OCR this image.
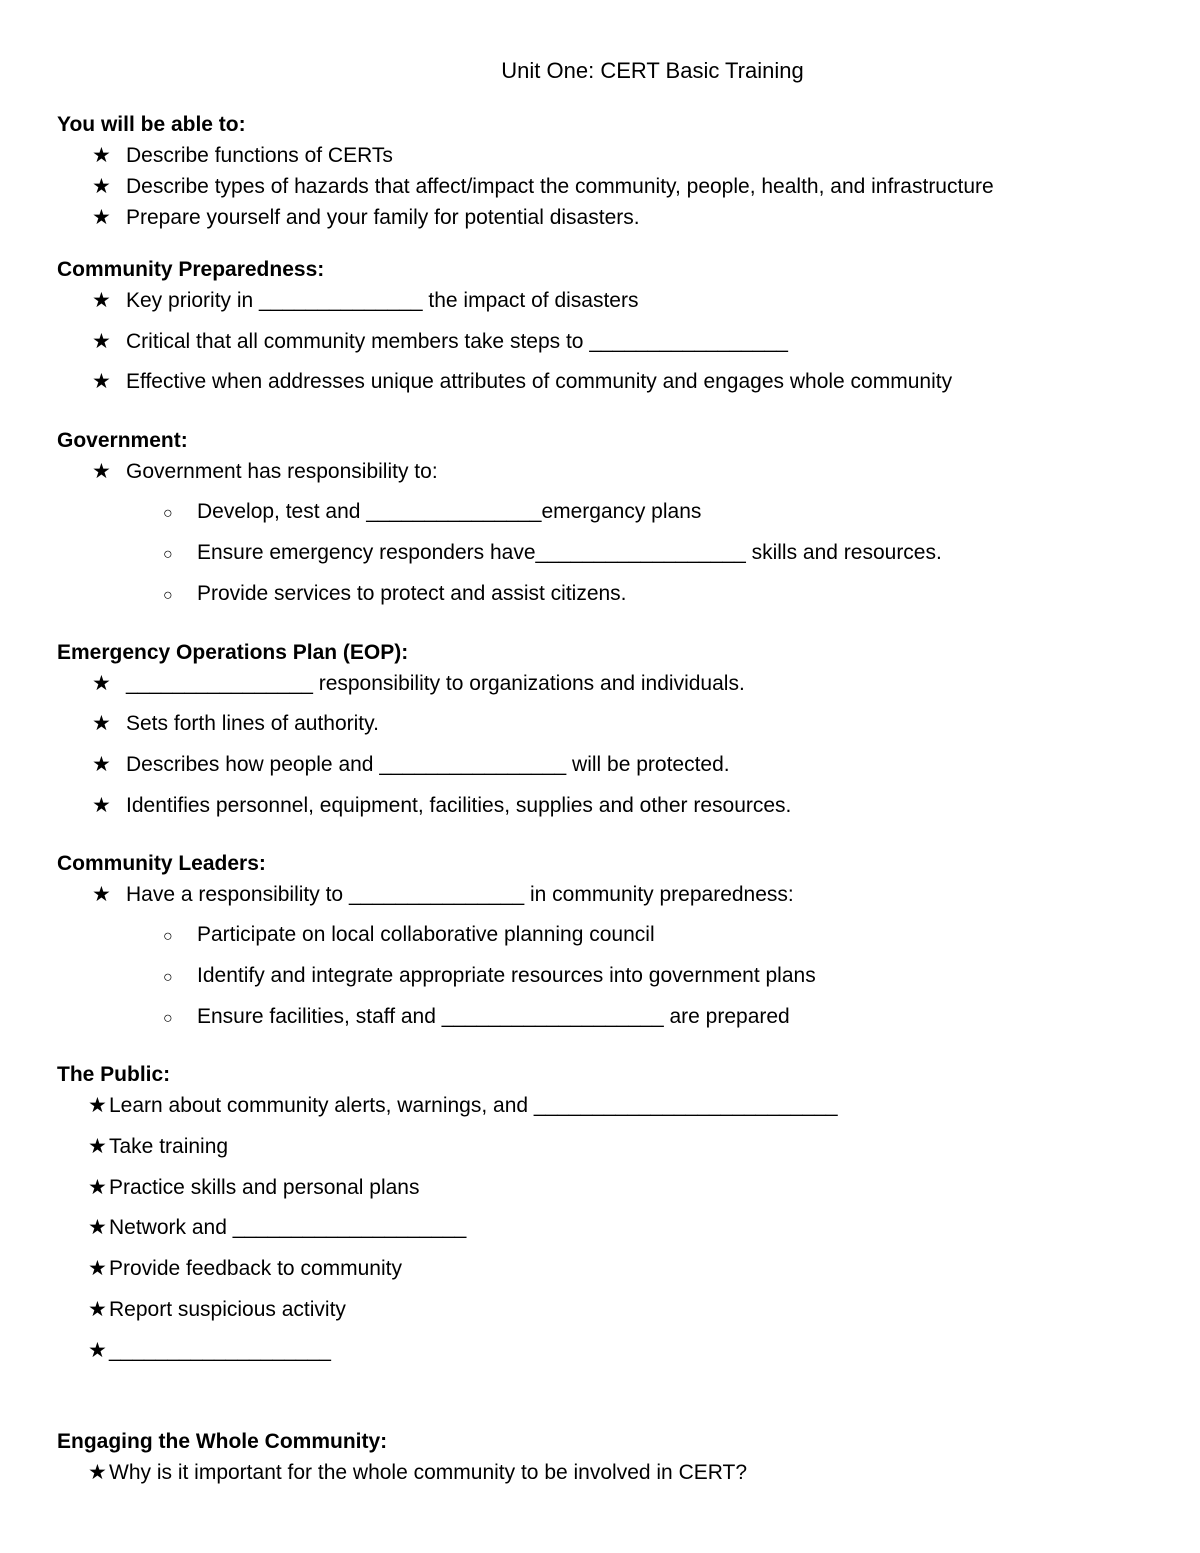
Unit One: CERT Basic Training
You will be able to:
★ Describe functions of CERTs
★ Describe types of hazards that affect/impact the community, people, health, and infrastructure
★ Prepare yourself and your family for potential disasters.
Community Preparedness:
★ Key priority in ______________ the impact of disasters
★ Critical that all community members take steps to _________________
★ Effective when addresses unique attributes of community and engages whole community
Government:
★ Government has responsibility to:
○ Develop, test and _______________emergancy plans
○ Ensure emergency responders have__________________ skills and resources.
○ Provide services to protect and assist citizens.
Emergency Operations Plan (EOP):
★ ________________ responsibility to organizations and individuals.
★ Sets forth lines of authority.
★ Describes how people and ________________ will be protected.
★ Identifies personnel, equipment, facilities, supplies and other resources.
Community Leaders:
★ Have a responsibility to _______________ in community preparedness:
○ Participate on local collaborative planning council
○ Identify and integrate appropriate resources into government plans
○ Ensure facilities, staff and ___________________ are prepared
The Public:
★ Learn about community alerts, warnings, and __________________________
★ Take training
★ Practice skills and personal plans
★ Network and ____________________
★ Provide feedback to community
★ Report suspicious activity
★ ___________________
Engaging the Whole Community:
★ Why is it important for the whole community to be involved in CERT?
